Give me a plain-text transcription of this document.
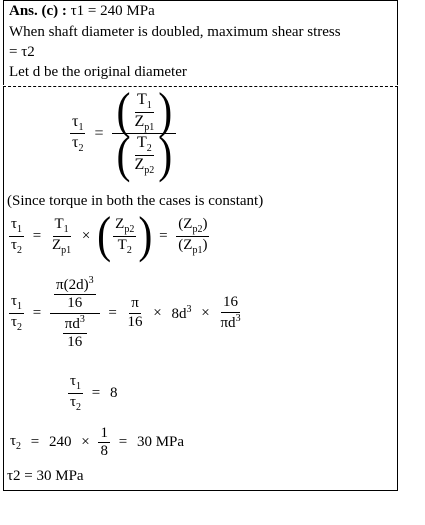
Ans. (c) : τ1 = 240 MPa
When shaft diameter is doubled, maximum shear stress
= τ2
Let d be the original diameter
$\frac{\tau_1}{\tau_2}$ = ( $\frac{T_1}{Z_{p1}}$ )
( $\frac{T_2}{Z_{p2}}$ )
(Since torque in both the cases is constant)
$\frac{\tau_1}{\tau_2} = \frac{T_1}{Z_{p1}}$ × ( $\frac{Z_{p2}}{T_2}$ ) = $\frac{(Z_{p2})}{(Z_{p1})}$
$\frac{\tau_1}{\tau_2} = \frac{\frac{\pi(2d)^3}{16}}{\frac{\pi d^3}{16}} = \frac{\pi}{16} \times 8d^3 \times \frac{16}{\pi d^3}$
$\frac{\tau_1}{\tau_2} = 8$
$\tau_2 = 240 \times \frac{1}{8} = 30$ MPa
τ2 = 30 MPa
